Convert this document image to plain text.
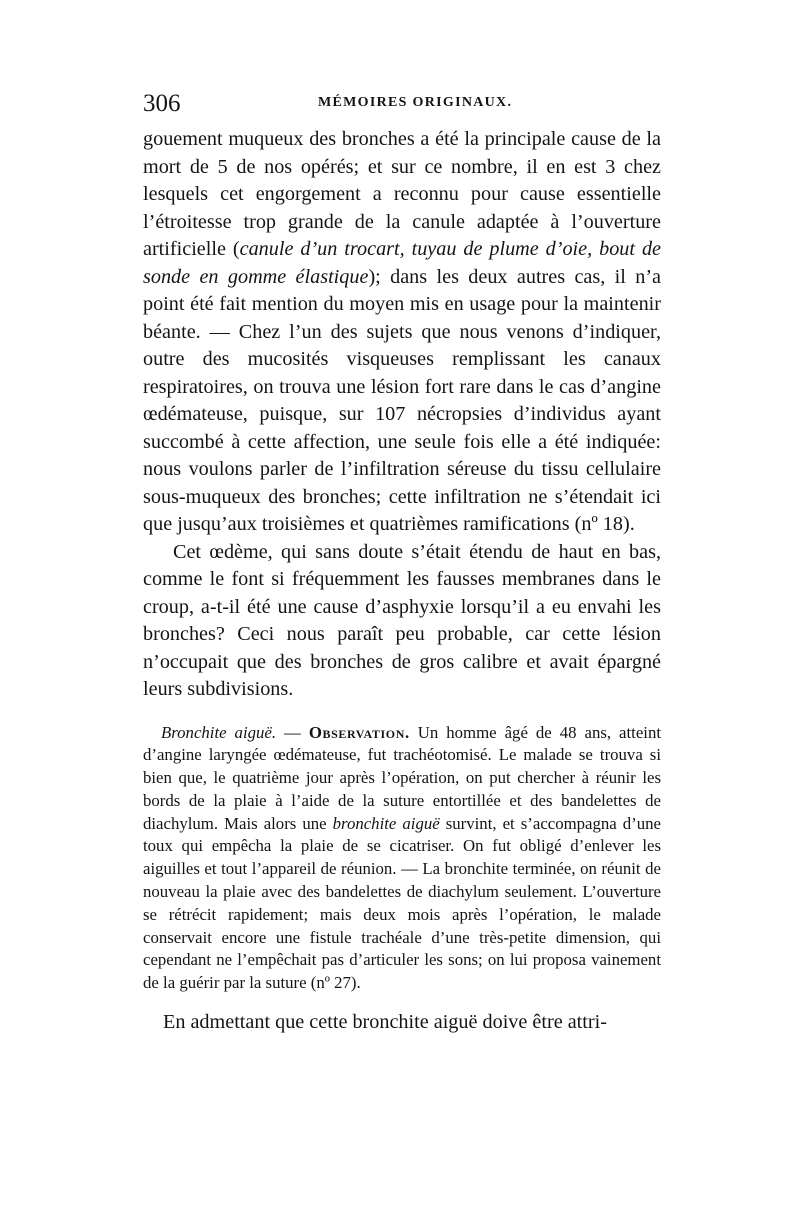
306	MÉMOIRES ORIGINAUX.

gouement muqueux des bronches a été la principale cause de la mort de 5 de nos opérés; et sur ce nombre, il en est 3 chez lesquels cet engorgement a reconnu pour cause essentielle l’étroitesse trop grande de la canule adaptée à l’ouverture artificielle (canule d’un trocart, tuyau de plume d’oie, bout de sonde en gomme élastique); dans les deux autres cas, il n’a point été fait mention du moyen mis en usage pour la maintenir béante. — Chez l’un des sujets que nous venons d’indiquer, outre des mucosités visqueuses remplissant les canaux respiratoires, on trouva une lésion fort rare dans le cas d’angine œdémateuse, puisque, sur 107 nécropsies d’individus ayant succombé à cette affection, une seule fois elle a été indiquée: nous voulons parler de l’infiltration séreuse du tissu cellulaire sous-muqueux des bronches; cette infiltration ne s’étendait ici que jusqu’aux troisièmes et quatrièmes ramifications (nº 18).

Cet œdème, qui sans doute s’était étendu de haut en bas, comme le font si fréquemment les fausses membranes dans le croup, a-t-il été une cause d’asphyxie lorsqu’il a eu envahi les bronches? Ceci nous paraît peu probable, car cette lésion n’occupait que des bronches de gros calibre et avait épargné leurs subdivisions.

Bronchite aiguë. — Observation. Un homme âgé de 48 ans, atteint d’angine laryngée œdémateuse, fut trachéotomisé. Le malade se trouva si bien que, le quatrième jour après l’opération, on put chercher à réunir les bords de la plaie à l’aide de la suture entortillée et des bandelettes de diachylum. Mais alors une bronchite aiguë survint, et s’accompagna d’une toux qui empêcha la plaie de se cicatriser. On fut obligé d’enlever les aiguilles et tout l’appareil de réunion. — La bronchite terminée, on réunit de nouveau la plaie avec des bandelettes de diachylum seulement. L’ouverture se rétrécit rapidement; mais deux mois après l’opération, le malade conservait encore une fistule trachéale d’une très-petite dimension, qui cependant ne l’empêchait pas d’articuler les sons; on lui proposa vainement de la guérir par la suture (nº 27).

En admettant que cette bronchite aiguë doive être attri-
